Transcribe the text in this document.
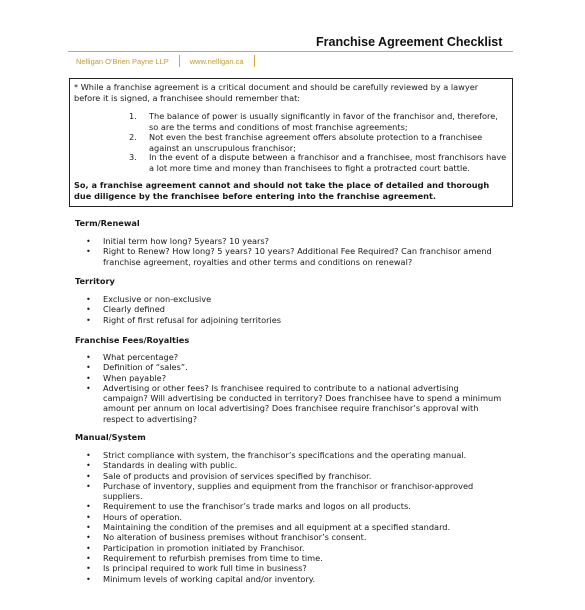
Franchise Agreement Checklist
Nelligan O'Brien Payne LLP	www.nelligan.ca

* While a franchise agreement is a critical document and should be carefully reviewed by a lawyer before it is signed, a franchisee should remember that:

1. The balance of power is usually significantly in favor of the franchisor and, therefore, so are the terms and conditions of most franchise agreements;
2. Not even the best franchise agreement offers absolute protection to a franchisee against an unscrupulous franchisor;
3. In the event of a dispute between a franchisor and a franchisee, most franchisors have a lot more time and money than franchisees to fight a protracted court battle.

So, a franchise agreement cannot and should not take the place of detailed and thorough due diligence by the franchisee before entering into the franchise agreement.

Term/Renewal
• Initial term how long? 5years? 10 years?
• Right to Renew? How long? 5 years? 10 years? Additional Fee Required? Can franchisor amend franchise agreement, royalties and other terms and conditions on renewal?
Territory
• Exclusive or non-exclusive
• Clearly defined
• Right of first refusal for adjoining territories
Franchise Fees/Royalties
• What percentage?
• Definition of “sales”.
• When payable?
• Advertising or other fees? Is franchisee required to contribute to a national advertising campaign? Will advertising be conducted in territory? Does franchisee have to spend a minimum amount per annum on local advertising? Does franchisee require franchisor’s approval with respect to advertising?
Manual/System
• Strict compliance with system, the franchisor’s specifications and the operating manual.
• Standards in dealing with public.
• Sale of products and provision of services specified by franchisor.
• Purchase of inventory, supplies and equipment from the franchisor or franchisor-approved suppliers.
• Requirement to use the franchisor’s trade marks and logos on all products.
• Hours of operation.
• Maintaining the condition of the premises and all equipment at a specified standard.
• No alteration of business premises without franchisor’s consent.
• Participation in promotion initiated by Franchisor.
• Requirement to refurbish premises from time to time.
• Is principal required to work full time in business?
• Minimum levels of working capital and/or inventory.
